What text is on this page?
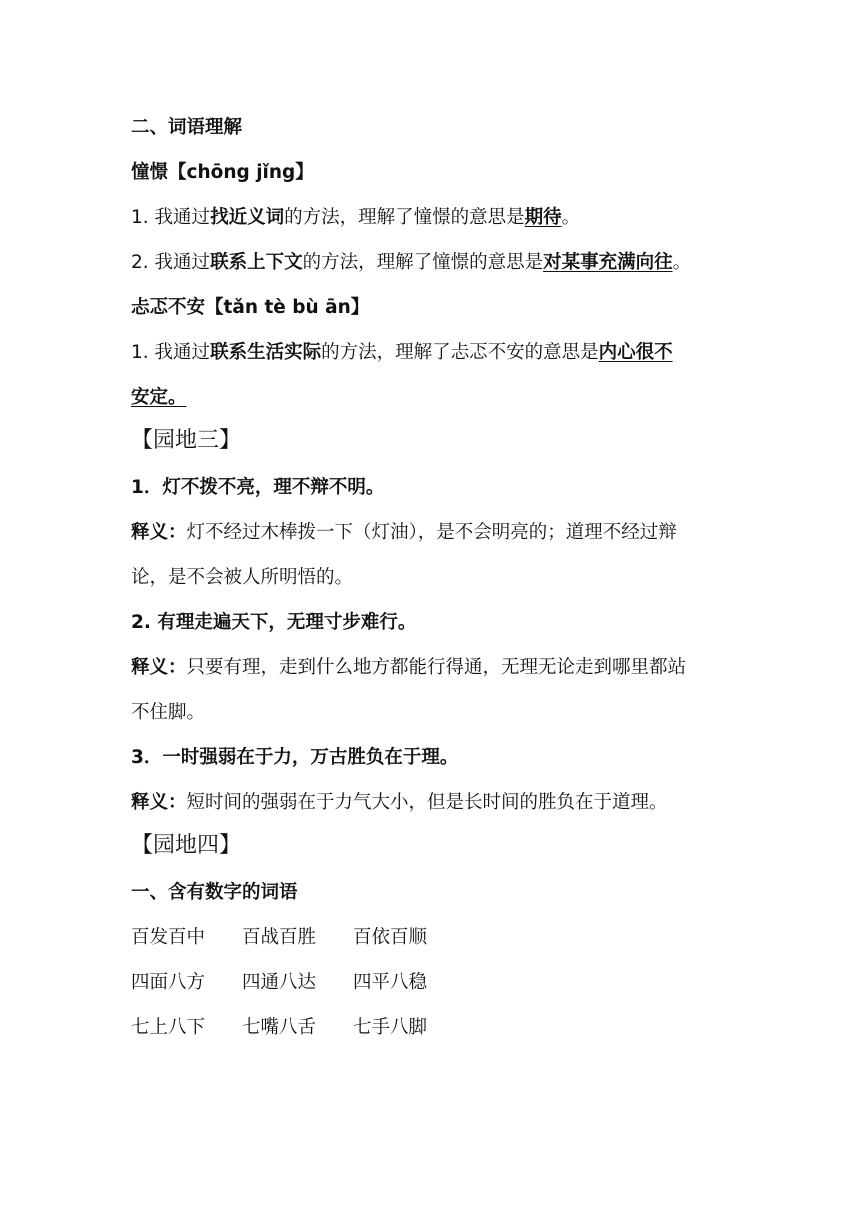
二、词语理解
憧憬【chōng jǐng】
1. 我通过找近义词的方法，理解了憧憬的意思是期待。
2. 我通过联系上下文的方法，理解了憧憬的意思是对某事充满向往。
忐忑不安【tǎn tè bù ān】
1. 我通过联系生活实际的方法，理解了忐忑不安的意思是内心很不
安定。
【园地三】
1．灯不拨不亮，理不辩不明。
释义：灯不经过木棒拨一下（灯油），是不会明亮的；道理不经过辩
论，是不会被人所明悟的。
2. 有理走遍天下，无理寸步难行。
释义：只要有理，走到什么地方都能行得通，无理无论走到哪里都站
不住脚。
3．一时强弱在于力，万古胜负在于理。
释义：短时间的强弱在于力气大小，但是长时间的胜负在于道理。
【园地四】
一、含有数字的词语
百发百中 百战百胜 百依百顺
四面八方 四通八达 四平八稳
七上八下 七嘴八舌 七手八脚
